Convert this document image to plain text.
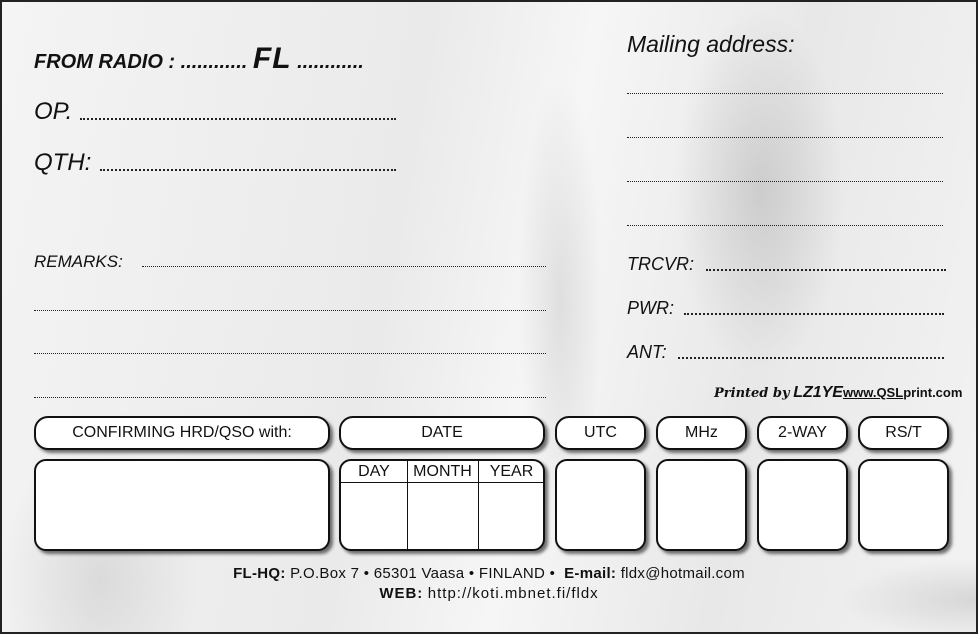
FROM RADIO : ............ FL ............
OP.
QTH:
REMARKS:
Mailing address:
TRCVR:
PWR:
ANT:
Printed by LZ1YEwww.QSLprint.com
CONFIRMING HRD/QSO with:	DATE	UTC	MHz	2-WAY	RS/T
DAY	MONTH	YEAR
FL-HQ: P.O.Box 7 • 65301 Vaasa • FINLAND • E-mail: fldx@hotmail.com
WEB: http://koti.mbnet.fi/fldx
